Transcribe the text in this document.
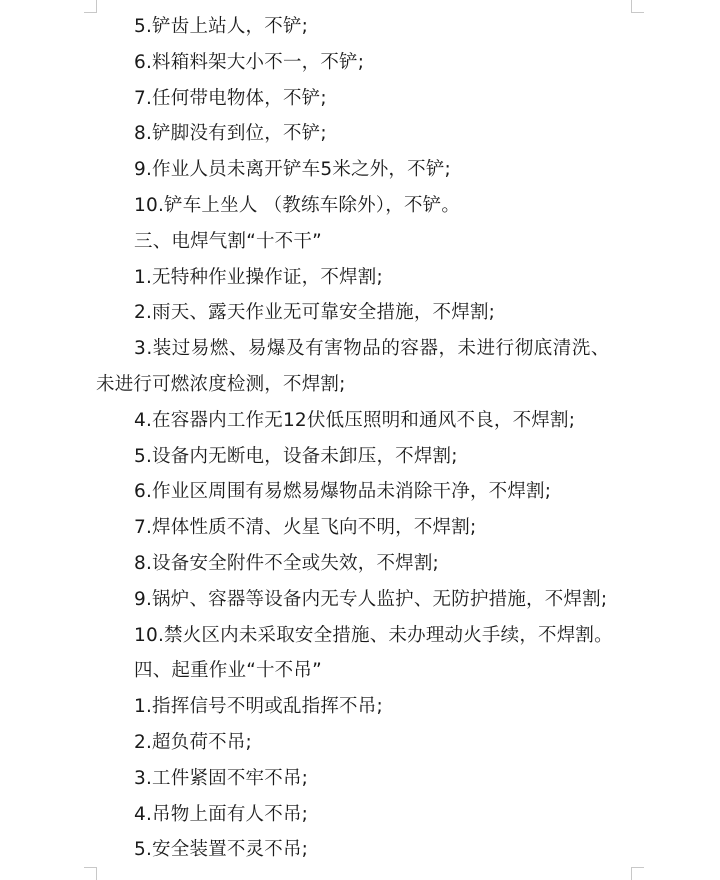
5.铲齿上站人，不铲;
6.料箱料架大小不一，不铲;
7.任何带电物体，不铲;
8.铲脚没有到位，不铲;
9.作业人员未离开铲车5米之外，不铲;
10.铲车上坐人 （教练车除外），不铲。
三、电焊气割“十不干”
1.无特种作业操作证，不焊割;
2.雨天、露天作业无可靠安全措施，不焊割;
3.装过易燃、易爆及有害物品的容器，未进行彻底清洗、
未进行可燃浓度检测，不焊割;
4.在容器内工作无12伏低压照明和通风不良，不焊割;
5.设备内无断电，设备未卸压，不焊割;
6.作业区周围有易燃易爆物品未消除干净，不焊割;
7.焊体性质不清、火星飞向不明，不焊割;
8.设备安全附件不全或失效，不焊割;
9.锅炉、容器等设备内无专人监护、无防护措施，不焊割;
10.禁火区内未采取安全措施、未办理动火手续，不焊割。
四、起重作业“十不吊”
1.指挥信号不明或乱指挥不吊;
2.超负荷不吊;
3.工件紧固不牢不吊;
4.吊物上面有人不吊;
5.安全装置不灵不吊;
